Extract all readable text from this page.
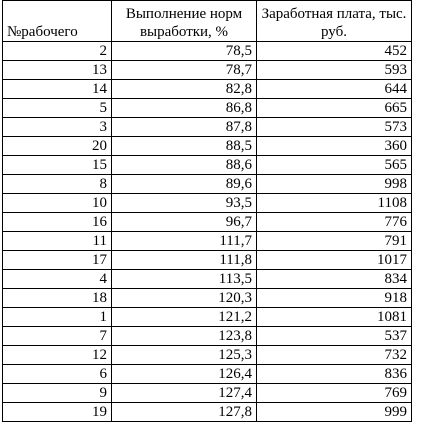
№рабочего	Выполнение норм выработки, %	Заработная плата, тыс. руб.
2	78,5	452
13	78,7	593
14	82,8	644
5	86,8	665
3	87,8	573
20	88,5	360
15	88,6	565
8	89,6	998
10	93,5	1108
16	96,7	776
11	111,7	791
17	111,8	1017
4	113,5	834
18	120,3	918
1	121,2	1081
7	123,8	537
12	125,3	732
6	126,4	836
9	127,4	769
19	127,8	999
